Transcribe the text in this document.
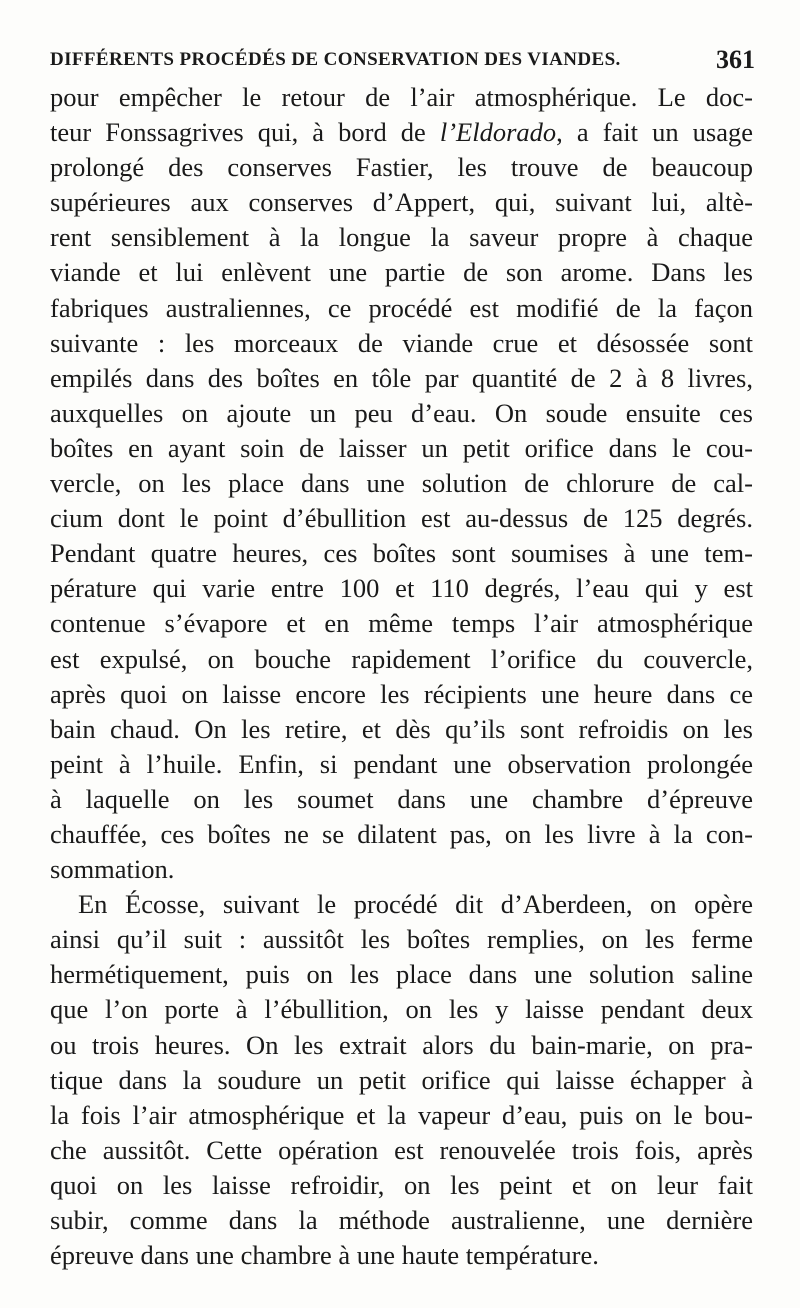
DIFFÉRENTS PROCÉDÉS DE CONSERVATION DES VIANDES.	361
pour empêcher le retour de l’air atmosphérique. Le doc-
teur Fonssagrives qui, à bord de l’Eldorado, a fait un usage
prolongé des conserves Fastier, les trouve de beaucoup
supérieures aux conserves d’Appert, qui, suivant lui, altè-
rent sensiblement à la longue la saveur propre à chaque
viande et lui enlèvent une partie de son arome. Dans les
fabriques australiennes, ce procédé est modifié de la façon
suivante : les morceaux de viande crue et désossée sont
empilés dans des boîtes en tôle par quantité de 2 à 8 livres,
auxquelles on ajoute un peu d’eau. On soude ensuite ces
boîtes en ayant soin de laisser un petit orifice dans le cou-
vercle, on les place dans une solution de chlorure de cal-
cium dont le point d’ébullition est au-dessus de 125 degrés.
Pendant quatre heures, ces boîtes sont soumises à une tem-
pérature qui varie entre 100 et 110 degrés, l’eau qui y est
contenue s’évapore et en même temps l’air atmosphérique
est expulsé, on bouche rapidement l’orifice du couvercle,
après quoi on laisse encore les récipients une heure dans ce
bain chaud. On les retire, et dès qu’ils sont refroidis on les
peint à l’huile. Enfin, si pendant une observation prolongée
à laquelle on les soumet dans une chambre d’épreuve
chauffée, ces boîtes ne se dilatent pas, on les livre à la con-
sommation.
En Écosse, suivant le procédé dit d’Aberdeen, on opère
ainsi qu’il suit : aussitôt les boîtes remplies, on les ferme
hermétiquement, puis on les place dans une solution saline
que l’on porte à l’ébullition, on les y laisse pendant deux
ou trois heures. On les extrait alors du bain-marie, on pra-
tique dans la soudure un petit orifice qui laisse échapper à
la fois l’air atmosphérique et la vapeur d’eau, puis on le bou-
che aussitôt. Cette opération est renouvelée trois fois, après
quoi on les laisse refroidir, on les peint et on leur fait
subir, comme dans la méthode australienne, une dernière
épreuve dans une chambre à une haute température.
